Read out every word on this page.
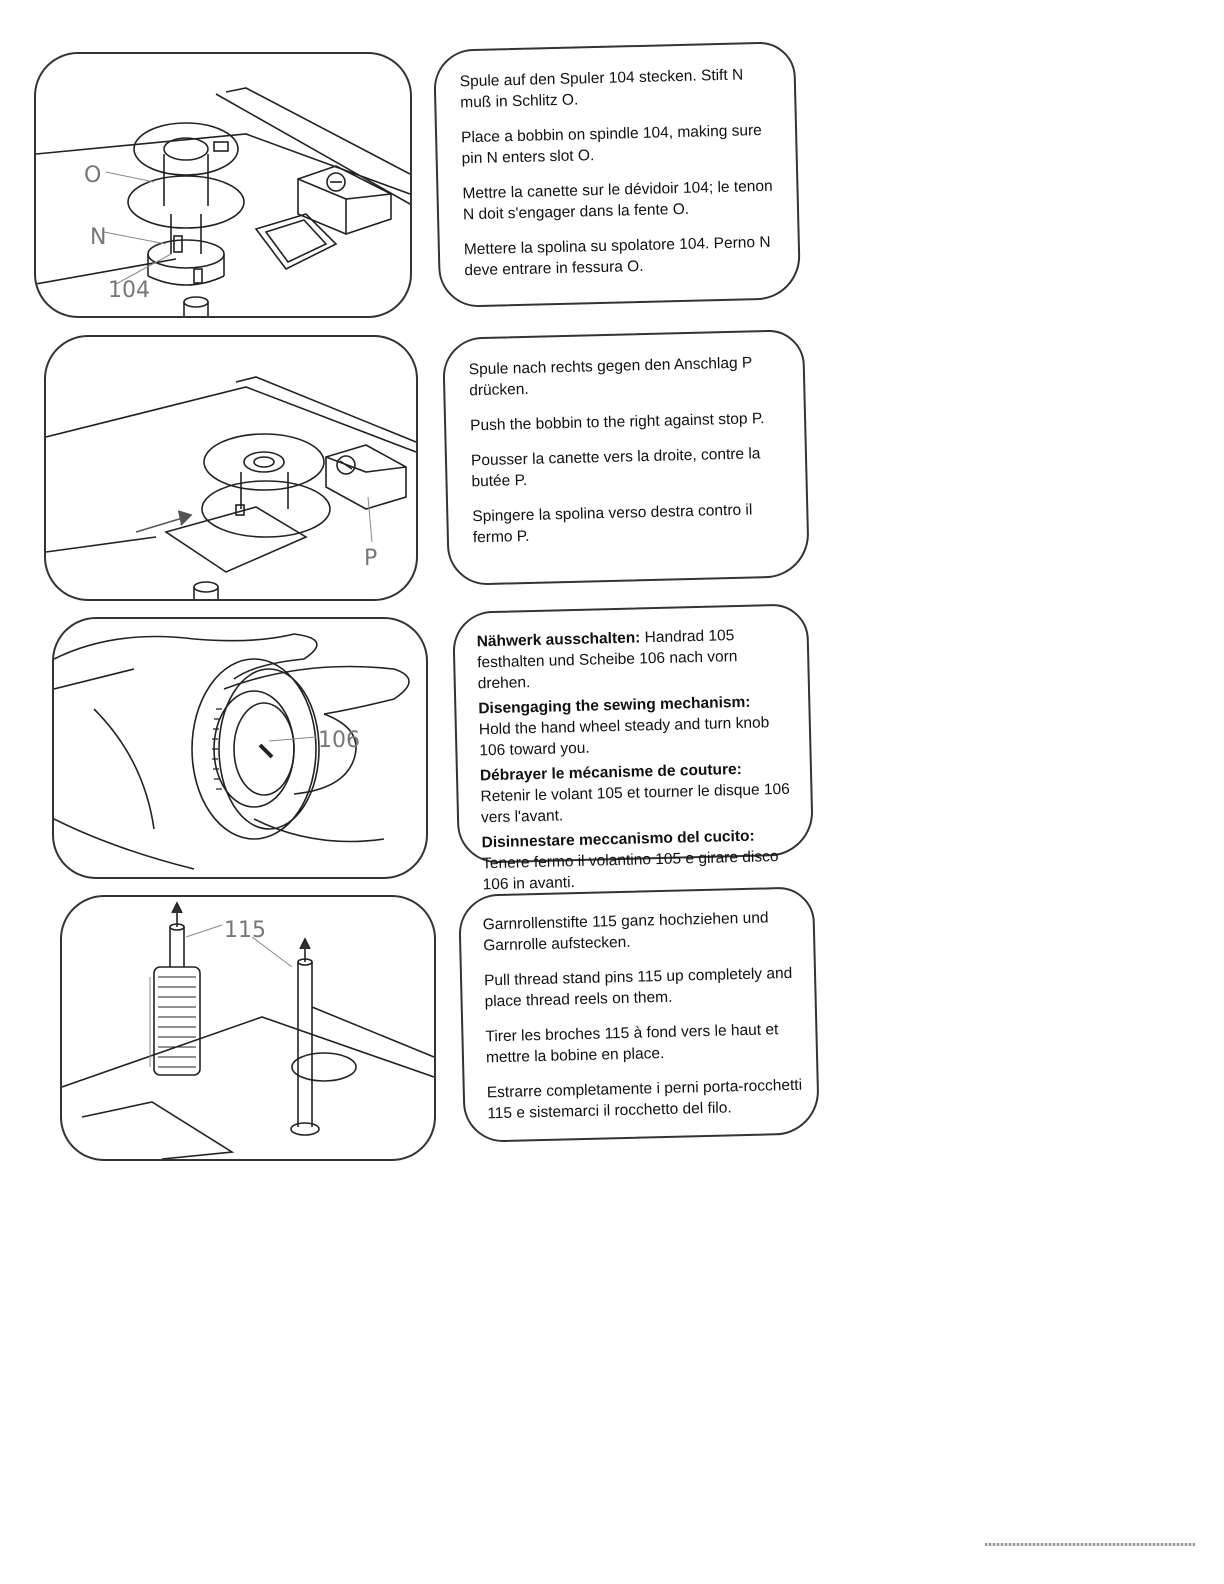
O
N
104

Spule auf den Spuler 104 stecken. Stift N muß in Schlitz O.

Place a bobbin on spindle 104, making sure pin N enters slot O.

Mettre la canette sur le dévidoir 104; le tenon N doit s'engager dans la fente O.

Mettere la spolina su spolatore 104. Perno N deve entrare in fessura O.

P

Spule nach rechts gegen den Anschlag P drücken.

Push the bobbin to the right against stop P.

Pousser la canette vers la droite, contre la butée P.

Spingere la spolina verso destra contro il fermo P.

106

Nähwerk ausschalten: Handrad 105 festhalten und Scheibe 106 nach vorn drehen.

Disengaging the sewing mechanism:
Hold the hand wheel steady and turn knob 106 toward you.

Débrayer le mécanisme de couture:
Retenir le volant 105 et tourner le disque 106 vers l'avant.

Disinnestare meccanismo del cucito:
Tenere fermo il volantino 105 e girare disco 106 in avanti.

115	Garnrollenstifte 115 ganz hochziehen und Garnrolle aufstecken.

Pull thread stand pins 115 up completely and place thread reels on them.

Tirer les broches 115 à fond vers le haut et mettre la bobine en place.

Estrarre completamente i perni porta-rocchetti 115 e sistemarci il rocchetto del filo.
